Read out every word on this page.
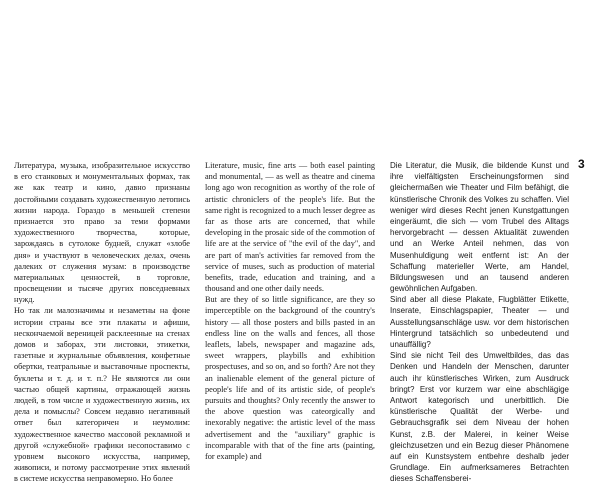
Литература, музыка, изобразительное искусство в его станковых и монументальных формах, так же как театр и кино, давно признаны достойными создавать художественную летопись жизни народа. Гораздо в меньшей степени признается это право за теми формами художественного творчества, которые, зарождаясь в сутолоке будней, служат «злобе дня» и участвуют в человеческих делах, очень далеких от служения музам: в производстве материальных ценностей, в торговле, просвещении и тысяче других повседневных нужд.

Но так ли малозначимы и незаметны на фоне истории страны все эти плакаты и афиши, нескончаемой вереницей расклеенные на стенах домов и заборах, эти листовки, этикетки, газетные и журнальные объявления, конфетные обертки, театральные и выставочные проспекты, буклеты и т. д. и т. п.? Не являются ли они частью общей картины, отражающей жизнь людей, в том числе и художественную жизнь, их дела и помыслы? Совсем недавно негативный ответ был категоричен и неумолим: художественное качество массовой рекламной и другой «служебной» графики несопоставимо с уровнем высокого искусства, например, живописи, и потому рассмотрение этих явлений в системе искусства неправомерно. Но более

Literature, music, fine arts — both easel painting and monumental, — as well as theatre and cinema long ago won recognition as worthy of the role of artistic chroniclers of the people's life. But the same right is recognized to a much lesser degree as far as those arts are concerned, that while developing in the prosaic side of the commotion of life are at the service of "the evil of the day", and are part of man's activities far removed from the service of muses, such as production of material benefits, trade, education and training, and a thousand and one other daily needs.

But are they of so little significance, are they so imperceptible on the background of the country's history — all those posters and bills pasted in an endless line on the walls and fences, all those leaflets, labels, newspaper and magazine ads, sweet wrappers, playbills and exhibition prospectuses, and so on, and so forth? Are not they an inalienable element of the general picture of people's life and of its artistic side, of people's pursuits and thoughts? Only recently the answer to the above question was cateorgically and inexorably negative: the artistic level of the mass advertisement and the "auxiliary" graphic is incomparable with that of the fine arts (painting, for example) and

Die Literatur, die Musik, die bildende Kunst und ihre vielfältigsten Erscheinungsformen sind gleichermaßen wie Theater und Film befähigt, die künstlerische Chronik des Volkes zu schaffen. Viel weniger wird dieses Recht jenen Kunstgattungen eingeräumt, die sich — vom Trubel des Alltags hervorgebracht — dessen Aktualität zuwenden und an Werke Anteil nehmen, das von Musenhuldigung weit entfernt ist: An der Schaffung materieller Werte, am Handel, Bildungswesen und an tausend anderen gewöhnlichen Aufgaben.

Sind aber all diese Plakate, Flugblätter Etikette, Inserate, Einschlagspapier, Theater — und Ausstellungsanschläge usw. vor dem historischen Hintergrund tatsächlich so unbedeutend und unauffällig?

Sind sie nicht Teil des Umweltbildes, das das Denken und Handeln der Menschen, darunter auch ihr künstlerisches Wirken, zum Ausdruck bringt? Erst vor kurzem war eine abschlägige Antwort kategorisch und unerbittlich. Die künstlerische Qualität der Werbe- und Gebrauchsgrafik sei dem Niveau der hohen Kunst, z.B. der Malerei, in keiner Weise gleichzusetzen und ein Bezug dieser Phänomene auf ein Kunstsystem entbehre deshalb jeder Grundlage. Ein aufmerksameres Betrachten dieses Schaffensberei-

3
